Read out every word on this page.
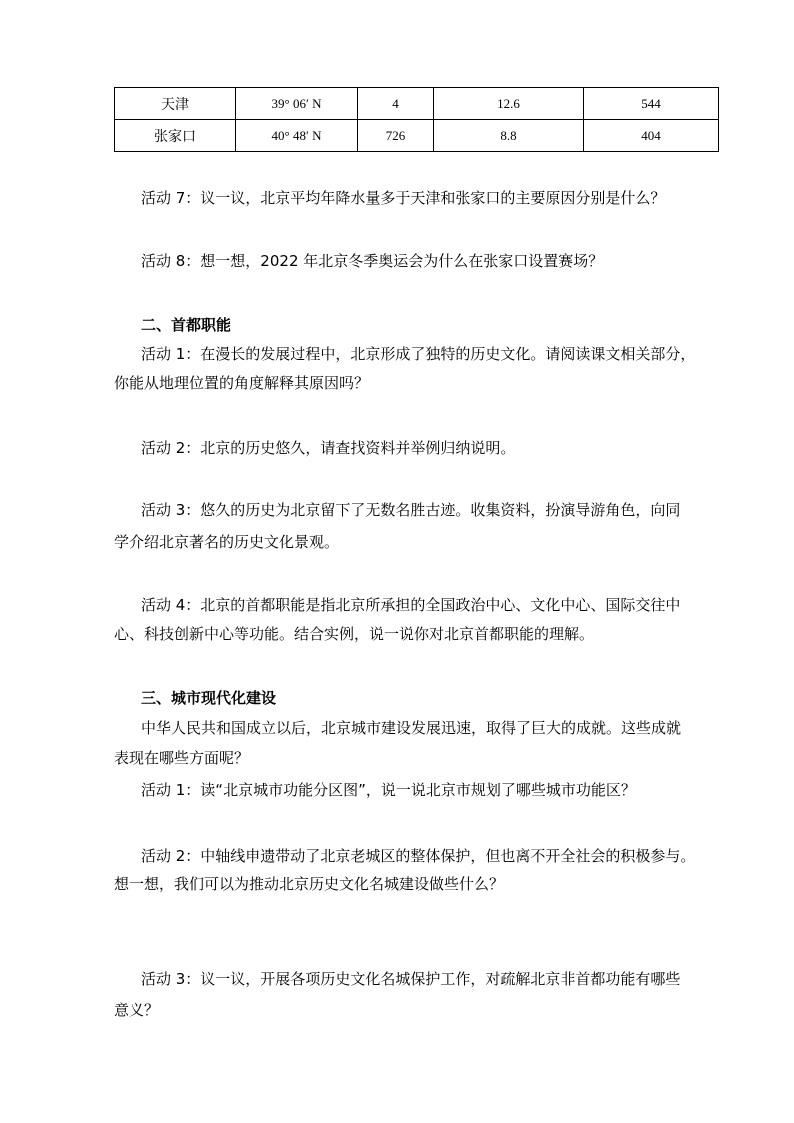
天津	39° 06′ N	4	12.6	544
张家口	40° 48′ N	726	8.8	404
活动 7：议一议，北京平均年降水量多于天津和张家口的主要原因分别是什么？
活动 8：想一想，2022 年北京冬季奥运会为什么在张家口设置赛场？
二、首都职能
活动 1：在漫长的发展过程中，北京形成了独特的历史文化。请阅读课文相关部分，
你能从地理位置的角度解释其原因吗？
活动 2：北京的历史悠久，请查找资料并举例归纳说明。
活动 3：悠久的历史为北京留下了无数名胜古迹。收集资料，扮演导游角色，向同
学介绍北京著名的历史文化景观。
活动 4：北京的首都职能是指北京所承担的全国政治中心、文化中心、国际交往中
心、科技创新中心等功能。结合实例，说一说你对北京首都职能的理解。
三、城市现代化建设
中华人民共和国成立以后，北京城市建设发展迅速，取得了巨大的成就。这些成就
表现在哪些方面呢？
活动 1：读“北京城市功能分区图”，说一说北京市规划了哪些城市功能区？
活动 2：中轴线申遗带动了北京老城区的整体保护，但也离不开全社会的积极参与。
想一想，我们可以为推动北京历史文化名城建设做些什么？
活动 3：议一议，开展各项历史文化名城保护工作，对疏解北京非首都功能有哪些
意义？
